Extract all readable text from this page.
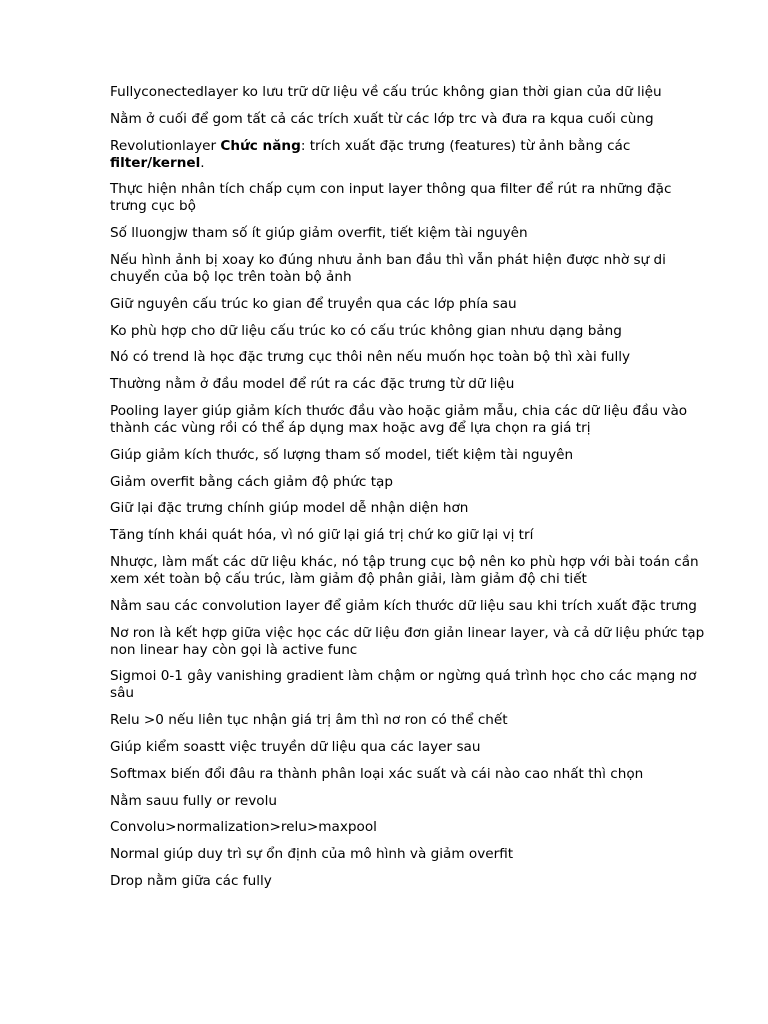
Fullyconectedlayer ko lưu trữ dữ liệu về cấu trúc không gian thời gian của dữ liệu

Nằm ở cuối để gom tất cả các trích xuất từ các lớp trc và đưa ra kqua cuối cùng

Revolutionlayer Chức năng: trích xuất đặc trưng (features) từ ảnh bằng các filter/kernel.

Thực hiện nhân tích chấp cụm con input layer thông qua filter để rút ra những đặc trưng cục bộ

Số lluongjw tham số ít giúp giảm overfit, tiết kiệm tài nguyên

Nếu hình ảnh bị xoay ko đúng nhưu ảnh ban đầu thì vẫn phát hiện được nhờ sự di chuyển của bộ lọc trên toàn bộ ảnh

Giữ nguyên cấu trúc ko gian để truyền qua các lớp phía sau

Ko phù hợp cho dữ liệu cấu trúc ko có cấu trúc không gian nhưu dạng bảng

Nó có trend là học đặc trưng cục thôi nên nếu muốn học toàn bộ thì xài fully

Thường nằm ở đầu model để rút ra các đặc trưng từ dữ liệu

Pooling layer giúp giảm kích thước đầu vào hoặc giảm mẫu, chia các dữ liệu đầu vào thành các vùng rồi có thể áp dụng max hoặc avg để lựa chọn ra giá trị

Giúp giảm kích thước, số lượng tham số model, tiết kiệm tài nguyên

Giảm overfit bằng cách giảm độ phức tạp

Giữ lại đặc trưng chính giúp model dễ nhận diện hơn

Tăng tính khái quát hóa, vì nó giữ lại giá trị chứ ko giữ lại vị trí

Nhược, làm mất các dữ liệu khác, nó tập trung cục bộ nên ko phù hợp với bài toán cần xem xét toàn bộ cấu trúc, làm giảm độ phân giải, làm giảm độ chi tiết

Nằm sau các convolution layer để giảm kích thước dữ liệu sau khi trích xuất đặc trưng

Nơ ron là kết hợp giữa việc học các dữ liệu đơn giản linear layer, và cả dữ liệu phức tạp non linear hay còn gọi là active func

Sigmoi 0-1 gây vanishing gradient làm chậm or ngừng quá trình học cho các mạng nơ sâu

Relu >0 nếu liên tục nhận giá trị âm thì nơ ron có thể chết

Giúp kiểm soastt việc truyền dữ liệu qua các layer sau

Softmax biến đổi đâu ra thành phân loại xác suất và cái nào cao nhất thì chọn

Nằm sauu fully or revolu

Convolu>normalization>relu>maxpool

Normal giúp duy trì sự ổn định của mô hình và giảm overfit

Drop nằm giữa các fully
